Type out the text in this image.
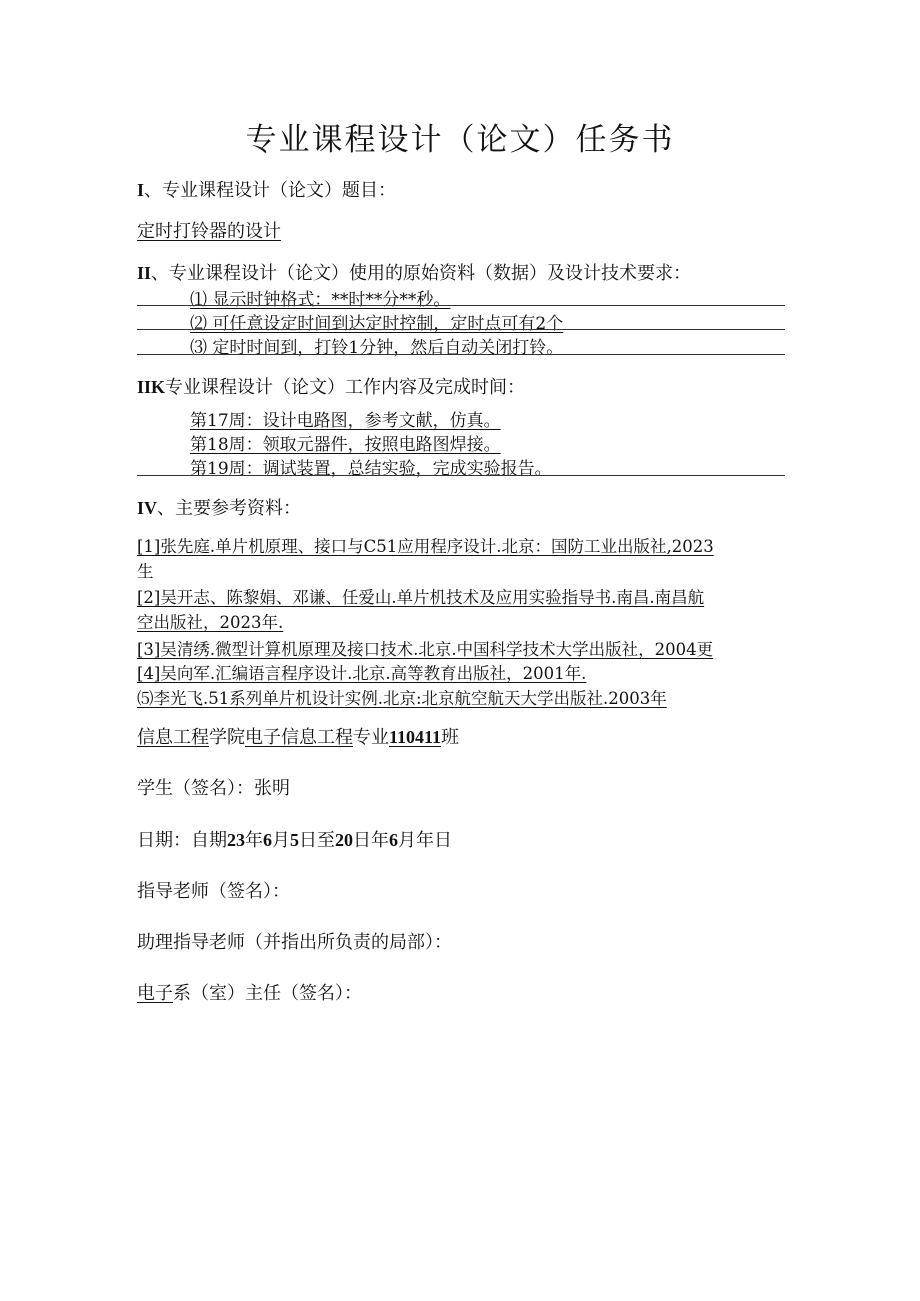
专业课程设计（论文）任务书
I、专业课程设计（论文）题目：
定时打铃器的设计
II、专业课程设计（论文）使用的原始资料（数据）及设计技术要求：
⑴ 显示时钟格式：**时**分**秒。
⑵ 可任意设定时间到达定时控制，定时点可有2个
⑶ 定时时间到，打铃1分钟，然后自动关闭打铃。
IIK专业课程设计（论文）工作内容及完成时间：
第17周：设计电路图，参考文献，仿真。
第18周：领取元器件，按照电路图焊接。
第19周：调试装置，总结实验，完成实验报告。
IV、主要参考资料：
[1]张先庭.单片机原理、接口与C51应用程序设计.北京：国防工业出版社,2023
生
[2]吴开志、陈黎娟、邓谦、任爱山.单片机技术及应用实验指导书.南昌.南昌航
空出版社，2023年.
[3]吴清绣.微型计算机原理及接口技术.北京.中国科学技术大学出版社，2004更
[4]吴向军.汇编语言程序设计.北京.高等教育出版社，2001年.
⑸李光飞.51系列单片机设计实例.北京:北京航空航天大学出版社.2003年
信息工程学院电子信息工程专业110411班
学生（签名）：张明
日期：自期23年6月5日至20日年6月年日
指导老师（签名）：
助理指导老师（并指出所负责的局部）：
电子系（室）主任（签名）：
